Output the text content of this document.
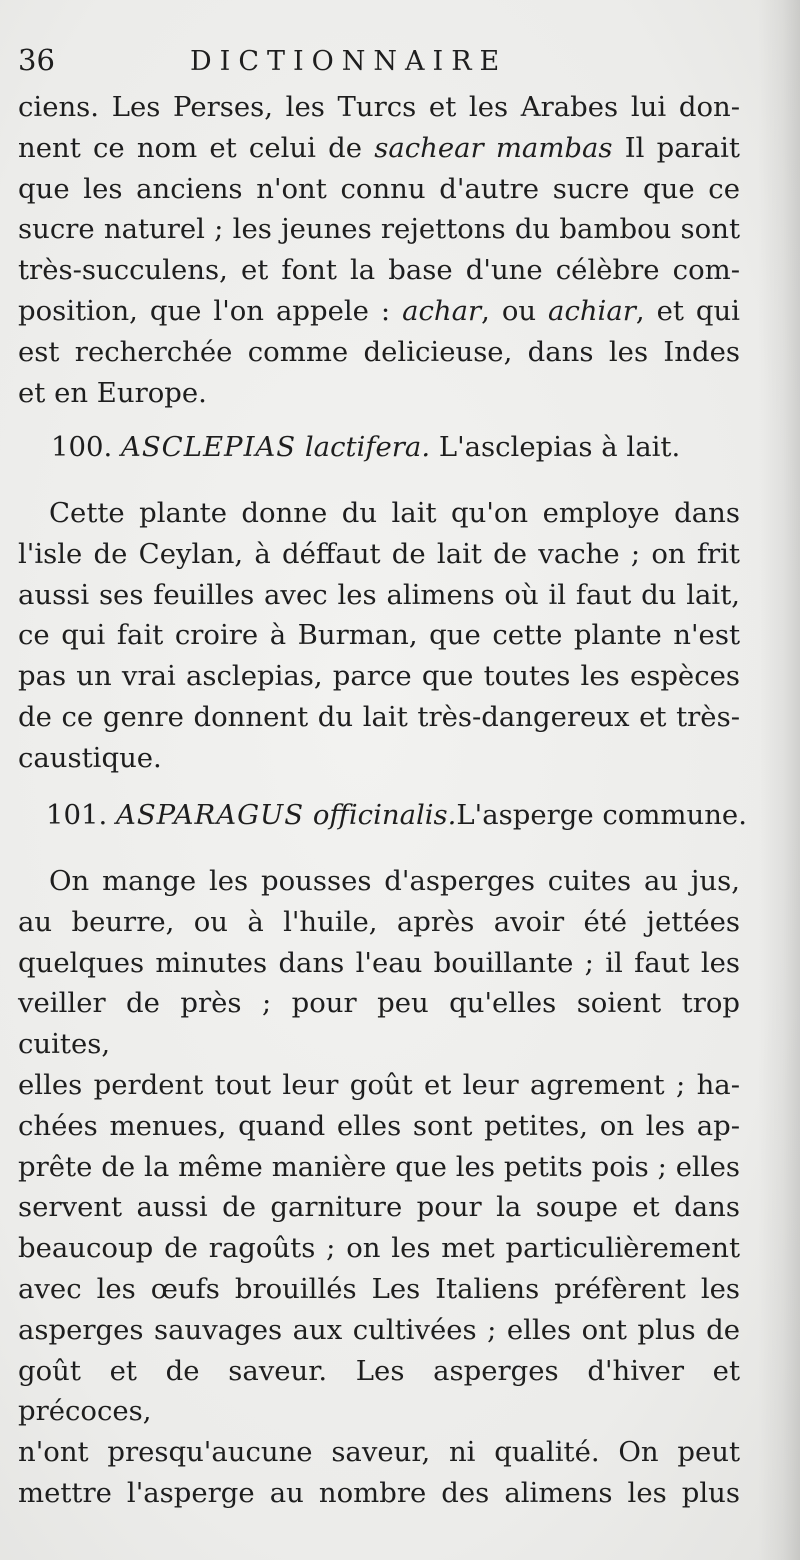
36	DICTIONNAIRE
ciens. Les Perses, les Turcs et les Arabes lui don-
nent ce nom et celui de sachear mambas Il parait
que les anciens n'ont connu d'autre sucre que ce
sucre naturel ; les jeunes rejettons du bambou sont
très-succulens, et font la base d'une célèbre com-
position, que l'on appele : achar, ou achiar, et qui
est recherchée comme delicieuse, dans les Indes
et en Europe.
100. ASCLEPIAS lactifera. L'asclepias à lait.
Cette plante donne du lait qu'on employe dans
l'isle de Ceylan, à déffaut de lait de vache ; on frit
aussi ses feuilles avec les alimens où il faut du lait,
ce qui fait croire à Burman, que cette plante n'est
pas un vrai asclepias, parce que toutes les espèces
de ce genre donnent du lait très-dangereux et très-
caustique.
101. ASPARAGUS officinalis.L'asperge commune.
On mange les pousses d'asperges cuites au jus,
au beurre, ou à l'huile, après avoir été jettées
quelques minutes dans l'eau bouillante ; il faut les
veiller de près ; pour peu qu'elles soient trop cuites,
elles perdent tout leur goût et leur agrement ; ha-
chées menues, quand elles sont petites, on les ap-
prête de la même manière que les petits pois ; elles
servent aussi de garniture pour la soupe et dans
beaucoup de ragoûts ; on les met particulièrement
avec les œufs brouillés Les Italiens préfèrent les
asperges sauvages aux cultivées ; elles ont plus de
goût et de saveur. Les asperges d'hiver et précoces,
n'ont presqu'aucune saveur, ni qualité. On peut
mettre l'asperge au nombre des alimens les plus
